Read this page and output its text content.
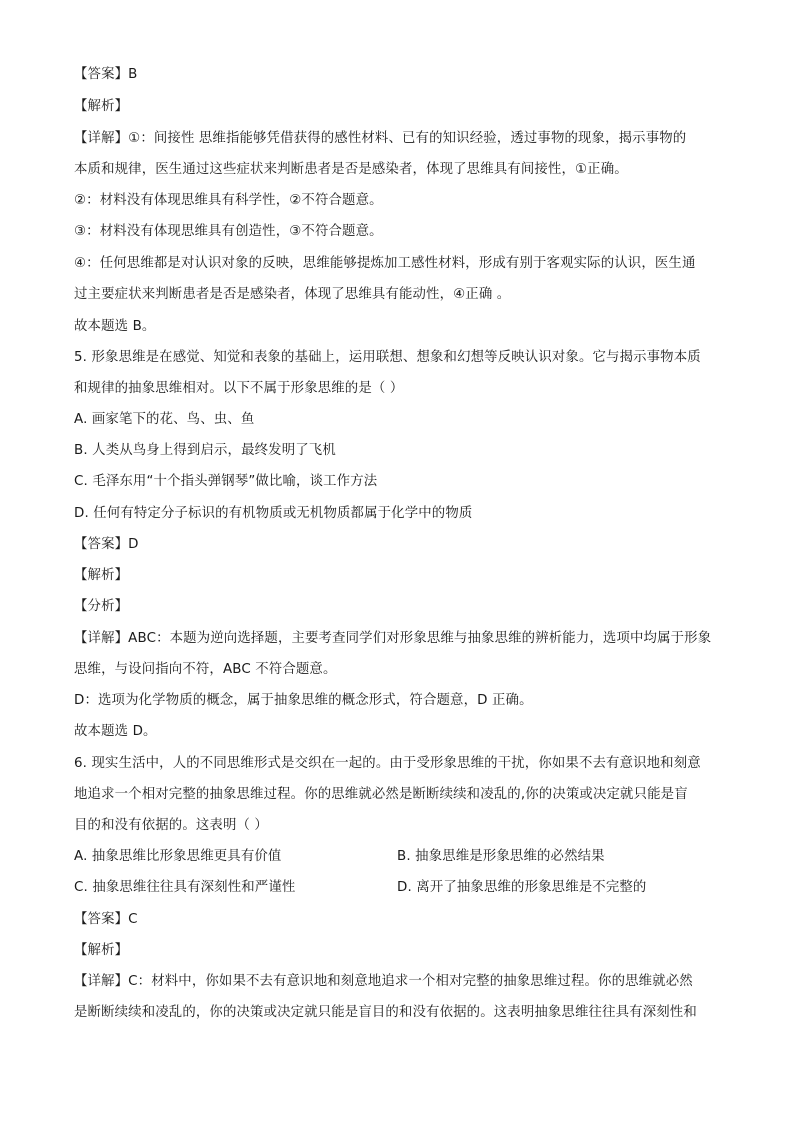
【答案】B
【解析】
【详解】①：间接性 思维指能够凭借获得的感性材料、已有的知识经验，透过事物的现象，揭示事物的
本质和规律，医生通过这些症状来判断患者是否是感染者，体现了思维具有间接性，①正确。
②：材料没有体现思维具有科学性，②不符合题意。
③：材料没有体现思维具有创造性，③不符合题意。
④：任何思维都是对认识对象的反映，思维能够提炼加工感性材料，形成有别于客观实际的认识，医生通
过主要症状来判断患者是否是感染者，体现了思维具有能动性，④正确 。
故本题选 B。
5. 形象思维是在感觉、知觉和表象的基础上，运用联想、想象和幻想等反映认识对象。它与揭示事物本质
和规律的抽象思维相对。以下不属于形象思维的是（ ）
A. 画家笔下的花、鸟、虫、鱼
B. 人类从鸟身上得到启示，最终发明了飞机
C. 毛泽东用“十个指头弹钢琴”做比喻，谈工作方法
D. 任何有特定分子标识的有机物质或无机物质都属于化学中的物质
【答案】D
【解析】
【分析】
【详解】ABC：本题为逆向选择题，主要考查同学们对形象思维与抽象思维的辨析能力，选项中均属于形象
思维，与设问指向不符，ABC 不符合题意。
D：选项为化学物质的概念，属于抽象思维的概念形式，符合题意，D 正确。
故本题选 D。
6. 现实生活中，人的不同思维形式是交织在一起的。由于受形象思维的干扰，你如果不去有意识地和刻意
地追求一个相对完整的抽象思维过程。你的思维就必然是断断续续和凌乱的,你的决策或决定就只能是盲
目的和没有依据的。这表明（ ）
A. 抽象思维比形象思维更具有价值	B. 抽象思维是形象思维的必然结果
C. 抽象思维往往具有深刻性和严谨性	D. 离开了抽象思维的形象思维是不完整的
【答案】C
【解析】
【详解】C：材料中，你如果不去有意识地和刻意地追求一个相对完整的抽象思维过程。你的思维就必然
是断断续续和凌乱的，你的决策或决定就只能是盲目的和没有依据的。这表明抽象思维往往具有深刻性和
